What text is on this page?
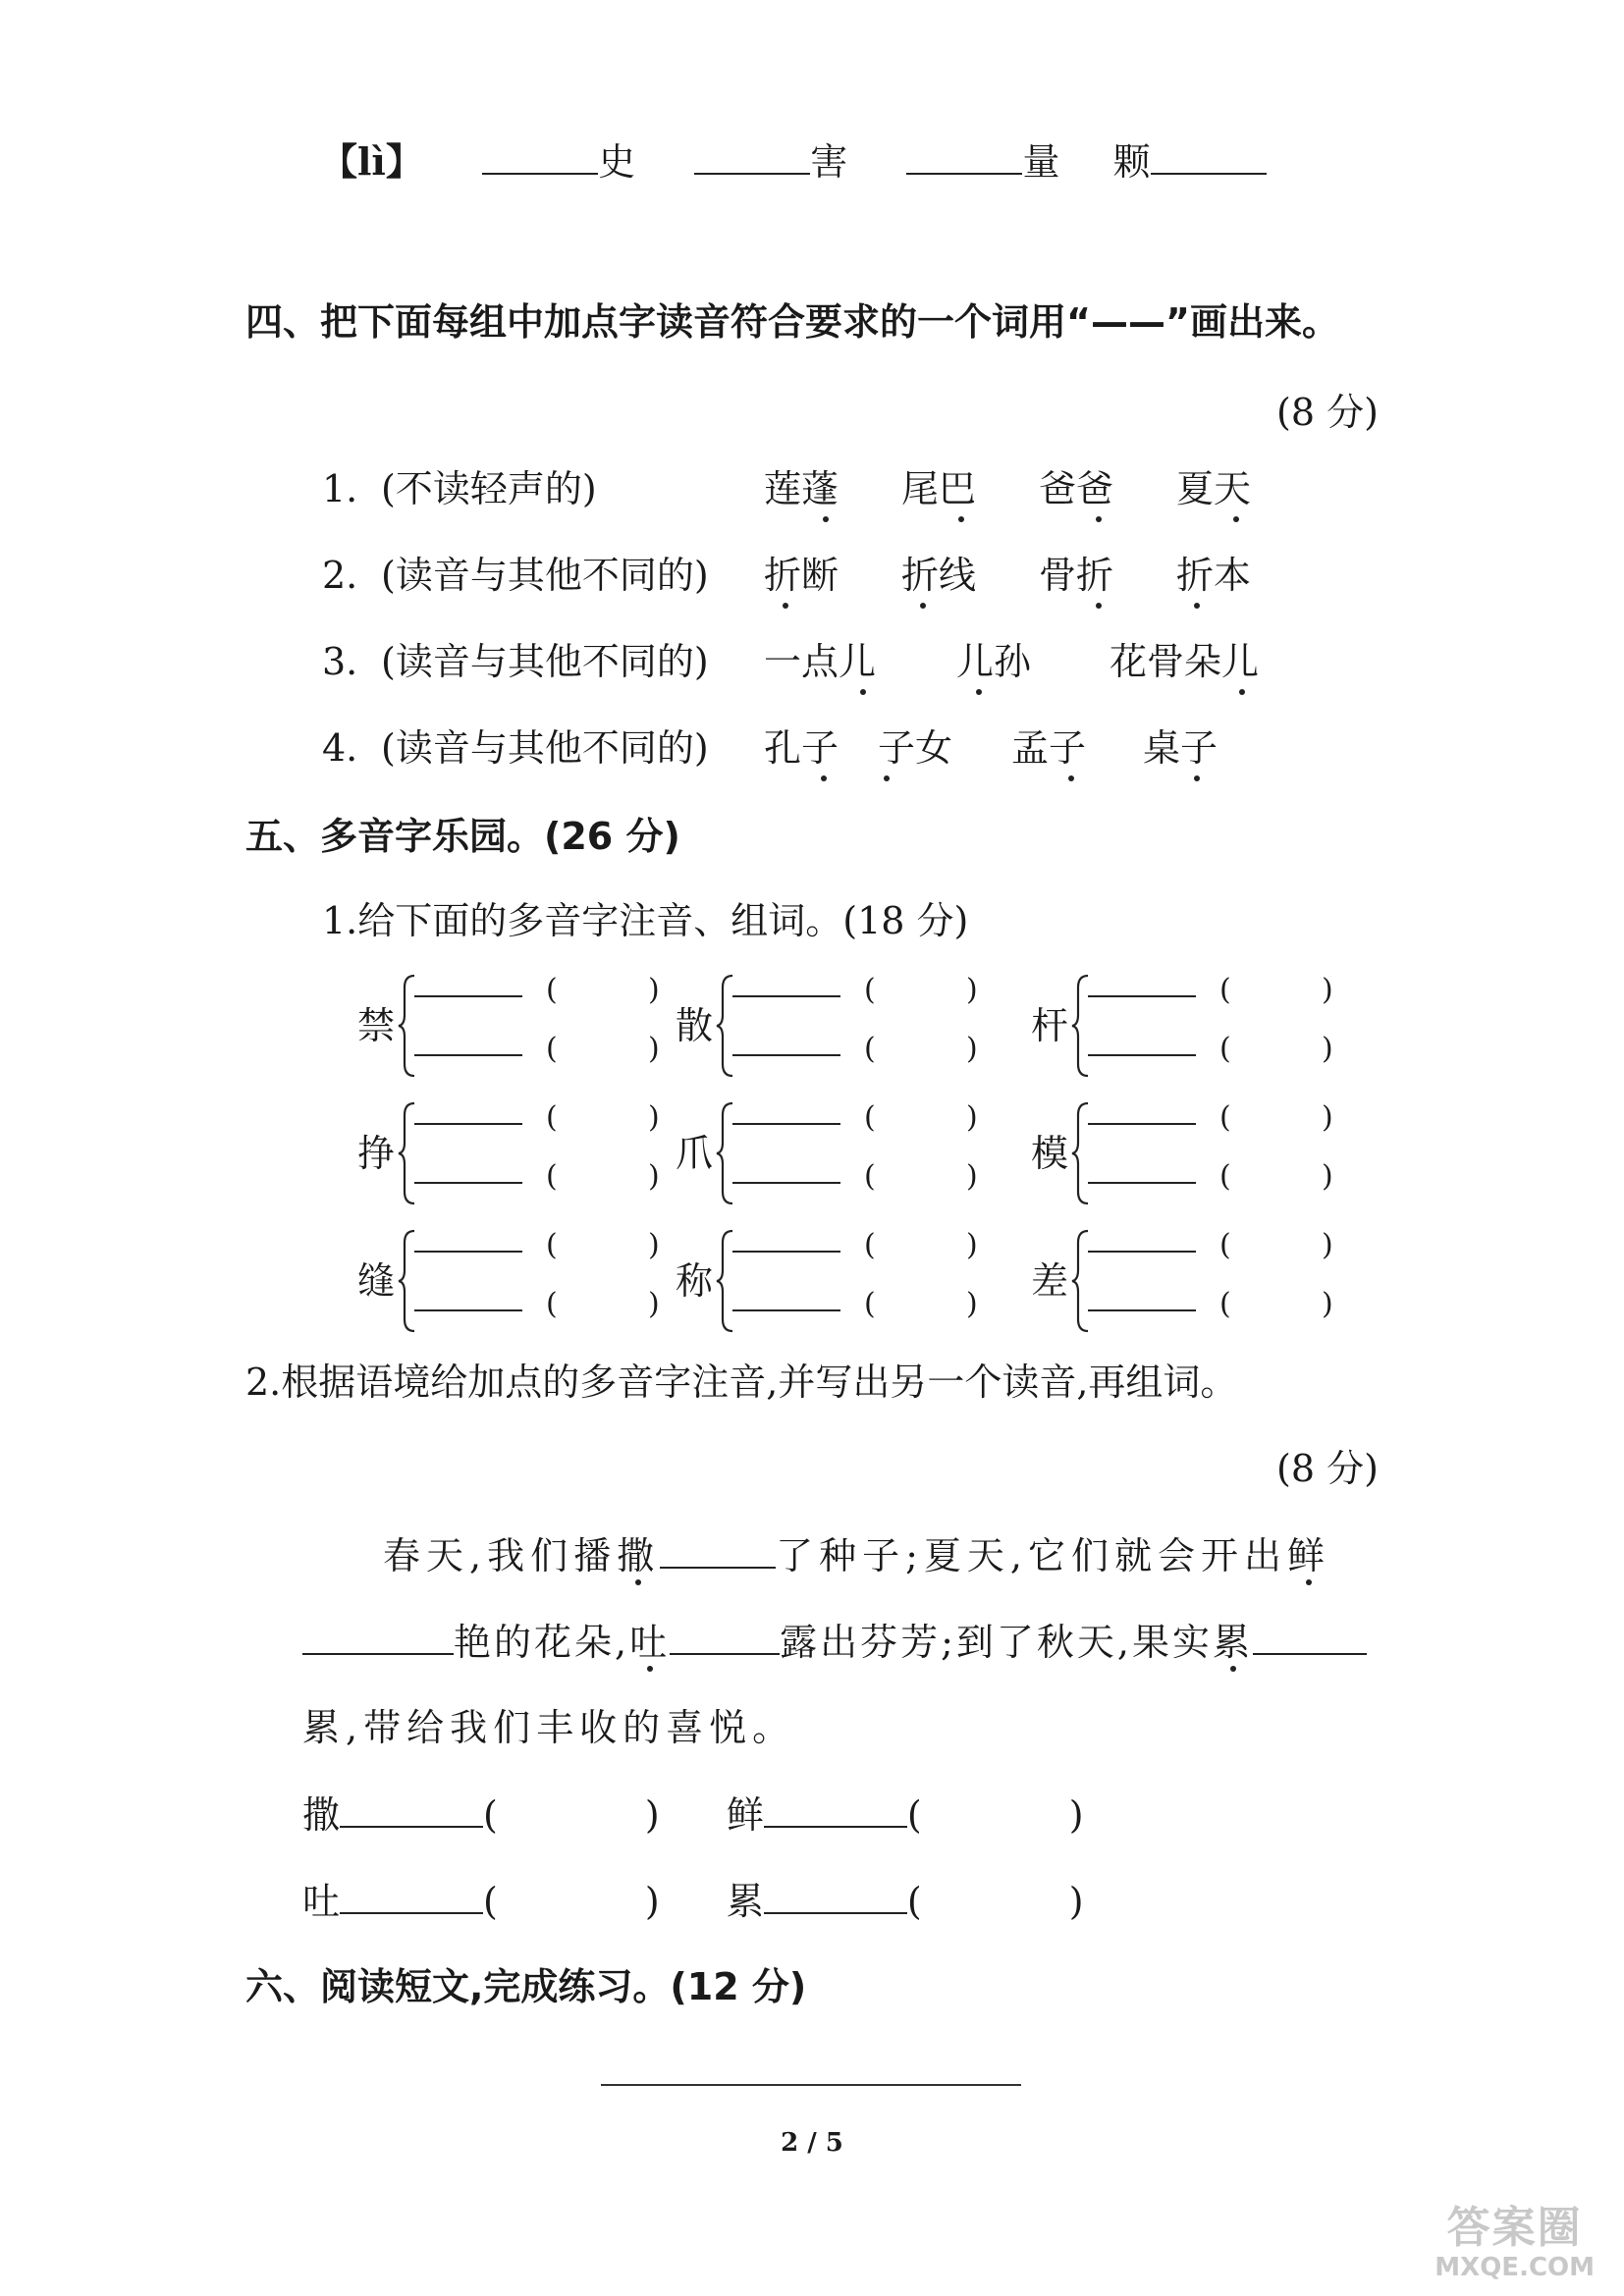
【lì】	史	害	量 颗
四、把下面每组中加点字读音符合要求的一个词用“——”画出来。
(8 分)
1. (不读轻声的)	莲蓬	尾巴	爸爸	夏天
2. (读音与其他不同的)	折断	折线	骨折	折本
3. (读音与其他不同的)	一点儿	儿孙	花骨朵儿
4. (读音与其他不同的)	孔子	子女	孟子	桌子
五、多音字乐园。(26 分)
1.给下面的多音字注音、组词。(18 分)
禁
(	)
(	)
散
(	)
(	)
杆
(	)
(	)
挣
(	)
(	)
爪
(	)
(	)
模
(	)
(	)
缝
(	)
(	)
称
(	)
(	)
差
(	)
(	)
2.根据语境给加点的多音字注音,并写出另一个读音,再组词。
(8 分)
春天,我们播撒	了种子;夏天,它们就会开出鲜
艳的花朵,吐	露出芬芳;到了秋天,果实累
累,带给我们丰收的喜悦。
撒	(	) 鲜	(	)
吐	(	) 累	(	)
六、阅读短文,完成练习。(12 分)
2 / 5
答案圈
MXQE.COM
